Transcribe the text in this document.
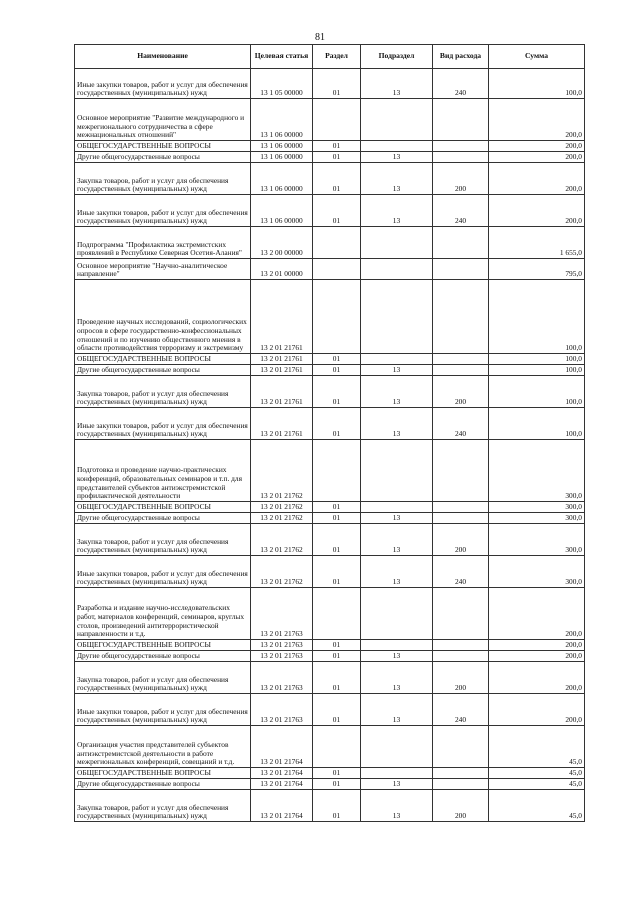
81
Наименование	Целевая статья	Раздел	Подраздел	Вид расхода	Сумма
Иные закупки товаров, работ и услуг для обеспечения государственных (муниципальных) нужд	13 1 05 00000	01	13	240	100,0
Основное мероприятие "Развитие международного и межрегионального сотрудничества в сфере межнациональных отношений"	13 1 06 00000				200,0
ОБЩЕГОСУДАРСТВЕННЫЕ ВОПРОСЫ	13 1 06 00000	01			200,0
Другие общегосударственные вопросы	13 1 06 00000	01	13		200,0
Закупка товаров, работ и услуг для обеспечения государственных (муниципальных) нужд	13 1 06 00000	01	13	200	200,0
Иные закупки товаров, работ и услуг для обеспечения государственных (муниципальных) нужд	13 1 06 00000	01	13	240	200,0
Подпрограмма "Профилактика экстремистских проявлений в Республике Северная Осетия-Алания"	13 2 00 00000				1 655,0
Основное мероприятие "Научно-аналитическое направление"	13 2 01 00000				795,0
Проведение научных исследований, социологических опросов в сфере государственно-конфессиональных отношений и по изучению общественного мнения в области противодействия терроризму и экстремизму	13 2 01 21761				100,0
ОБЩЕГОСУДАРСТВЕННЫЕ ВОПРОСЫ	13 2 01 21761	01			100,0
Другие общегосударственные вопросы	13 2 01 21761	01	13		100,0
Закупка товаров, работ и услуг для обеспечения государственных (муниципальных) нужд	13 2 01 21761	01	13	200	100,0
Иные закупки товаров, работ и услуг для обеспечения государственных (муниципальных) нужд	13 2 01 21761	01	13	240	100,0
Подготовка и проведение научно-практических конференций, образовательных семинаров и т.п. для представителей субъектов антиэкстремистской профилактической деятельности	13 2 01 21762				300,0
ОБЩЕГОСУДАРСТВЕННЫЕ ВОПРОСЫ	13 2 01 21762	01			300,0
Другие общегосударственные вопросы	13 2 01 21762	01	13		300,0
Закупка товаров, работ и услуг для обеспечения государственных (муниципальных) нужд	13 2 01 21762	01	13	200	300,0
Иные закупки товаров, работ и услуг для обеспечения государственных (муниципальных) нужд	13 2 01 21762	01	13	240	300,0
Разработка и издание научно-исследовательских работ, материалов конференций, семинаров, круглых столов, произведений антитеррористической направленности и т.д.	13 2 01 21763				200,0
ОБЩЕГОСУДАРСТВЕННЫЕ ВОПРОСЫ	13 2 01 21763	01			200,0
Другие общегосударственные вопросы	13 2 01 21763	01	13		200,0
Закупка товаров, работ и услуг для обеспечения государственных (муниципальных) нужд	13 2 01 21763	01	13	200	200,0
Иные закупки товаров, работ и услуг для обеспечения государственных (муниципальных) нужд	13 2 01 21763	01	13	240	200,0
Организация участия представителей субъектов антиэкстремистской деятельности в работе межрегиональных конференций, совещаний и т.д.	13 2 01 21764				45,0
ОБЩЕГОСУДАРСТВЕННЫЕ ВОПРОСЫ	13 2 01 21764	01			45,0
Другие общегосударственные вопросы	13 2 01 21764	01	13		45,0
Закупка товаров, работ и услуг для обеспечения государственных (муниципальных) нужд	13 2 01 21764	01	13	200	45,0
